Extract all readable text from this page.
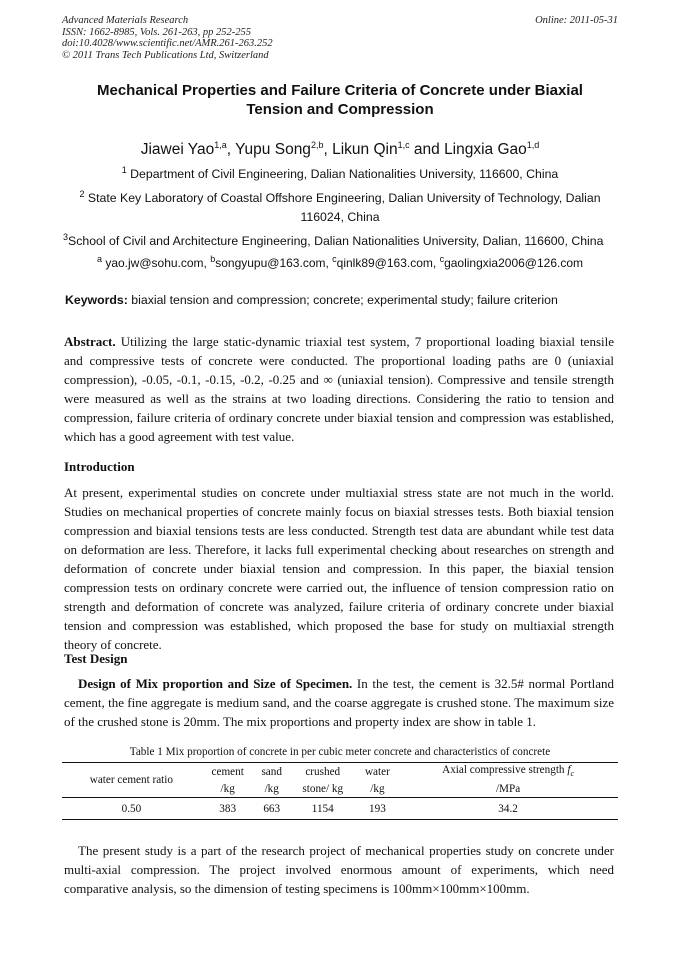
Advanced Materials Research
ISSN: 1662-8985, Vols. 261-263, pp 252-255
doi:10.4028/www.scientific.net/AMR.261-263.252
© 2011 Trans Tech Publications Ltd, Switzerland
Online: 2011-05-31
Mechanical Properties and Failure Criteria of Concrete under Biaxial
Tension and Compression
Jiawei Yao$^{1,a}$, Yupu Song$^{2,b}$, Likun Qin$^{1,c}$ and Lingxia Gao$^{1,d}$
$^1$ Department of Civil Engineering, Dalian Nationalities University, 116600, China
$^2$ State Key Laboratory of Coastal Offshore Engineering, Dalian University of Technology, Dalian
116024, China
$^3$School of Civil and Architecture Engineering, Dalian Nationalities University, Dalian, 116600, China
$^a$ yao.jw@sohu.com, $^b$songyupu@163.com, $^c$qinlk89@163.com, $^c$gaolingxia2006@126.com
Keywords: biaxial tension and compression; concrete; experimental study; failure criterion
Abstract. Utilizing the large static-dynamic triaxial test system, 7 proportional loading biaxial tensile and compressive tests of concrete were conducted. The proportional loading paths are 0 (uniaxial compression), -0.05, -0.1, -0.15, -0.2, -0.25 and ∞ (uniaxial tension). Compressive and tensile strength were measured as well as the strains at two loading directions. Considering the ratio to tension and compression, failure criteria of ordinary concrete under biaxial tension and compression was established, which has a good agreement with test value.
Introduction
At present, experimental studies on concrete under multiaxial stress state are not much in the world. Studies on mechanical properties of concrete mainly focus on biaxial stresses tests. Both biaxial tension compression and biaxial tensions tests are less conducted. Strength test data are abundant while test data on deformation are less. Therefore, it lacks full experimental checking about researches on strength and deformation of concrete under biaxial tension and compression. In this paper, the biaxial tension compression tests on ordinary concrete were carried out, the influence of tension compression ratio on strength and deformation of concrete was analyzed, failure criteria of ordinary concrete under biaxial tension and compression was established, which proposed the base for study on multiaxial strength theory of concrete.
Test Design
Design of Mix proportion and Size of Specimen. In the test, the cement is 32.5# normal Portland cement, the fine aggregate is medium sand, and the coarse aggregate is crushed stone. The maximum size of the crushed stone is 20mm. The mix proportions and property index are show in table 1.
Table 1 Mix proportion of concrete in per cubic meter concrete and characteristics of concrete
water cement ratio	cement	sand	crushed	water	Axial compressive strength $f_c$
	/kg	/kg	stone/ kg	/kg	/MPa
0.50	383	663	1154	193	34.2
The present study is a part of the research project of mechanical properties study on concrete under multi-axial compression. The project involved enormous amount of experiments, which need comparative analysis, so the dimension of testing specimens is 100mm×100mm×100mm.
